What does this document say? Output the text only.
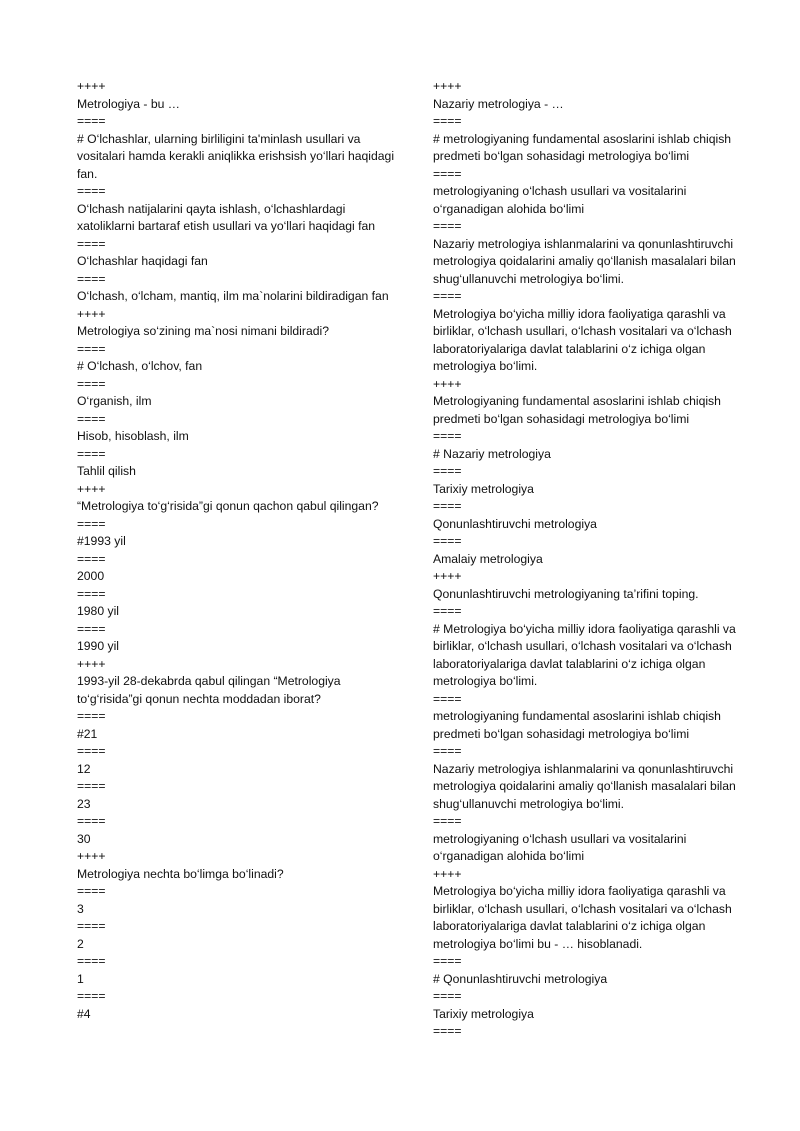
++++

Metrologiya - bu …

====

# O‘lchashlar, ularning birliligini ta'minlash usullari va vositalari hamda kerakli aniqlikka erishsish yo‘llari haqidagi fan.

====

O‘lchash natijalarini qayta ishlash, o‘lchashlardagi xatoliklarni bartaraf etish usullari va yo‘llari haqidagi fan

====

O‘lchashlar haqidagi fan

====

O‘lchash, o‘lcham, mantiq, ilm ma`nolarini bildiradigan fan

++++

Metrologiya so‘zining ma`nosi nimani bildiradi?

====

# O‘lchash, o‘lchov, fan

====

O‘rganish, ilm

====

Hisob, hisoblash, ilm

====

Tahlil qilish

++++

“Metrologiya to‘g‘risida”gi qonun qachon qabul qilingan?

====

#1993 yil

====

2000

====

1980 yil

====

1990 yil

++++

1993-yil 28-dekabrda qabul qilingan “Metrologiya to‘g‘risida”gi qonun nechta moddadan iborat?

====

#21

====

12

====

23

====

30

++++

Metrologiya nechta bo‘limga bo‘linadi?

====

3

====

2

====

1

====

#4

++++

Nazariy metrologiya - …

====

# metrologiyaning fundamental asoslarini ishlab chiqish predmeti bo‘lgan sohasidagi metrologiya bo‘limi

====

metrologiyaning o‘lchash usullari va vositalarini o‘rganadigan alohida bo‘limi

====

Nazariy metrologiya ishlanmalarini va qonunlashtiruvchi metrologiya qoidalarini amaliy qo‘llanish masalalari bilan shug‘ullanuvchi metrologiya bo‘limi.

====

Metrologiya bo‘yicha milliy idora faoliyatiga qarashli va birliklar, o‘lchash usullari, o‘lchash vositalari va o‘lchash laboratoriyalariga davlat talablarini o‘z ichiga olgan metrologiya bo‘limi.

++++

Metrologiyaning fundamental asoslarini ishlab chiqish predmeti bo‘lgan sohasidagi metrologiya bo‘limi

====

# Nazariy metrologiya

====

Tarixiy metrologiya

====

Qonunlashtiruvchi metrologiya

====

Amalaiy metrologiya

++++

Qonunlashtiruvchi metrologiyaning ta’rifini toping.

====

# Metrologiya bo‘yicha milliy idora faoliyatiga qarashli va birliklar, o‘lchash usullari, o‘lchash vositalari va o‘lchash laboratoriyalariga davlat talablarini o‘z ichiga olgan metrologiya bo‘limi.

====

metrologiyaning fundamental asoslarini ishlab chiqish predmeti bo‘lgan sohasidagi metrologiya bo‘limi

====

Nazariy metrologiya ishlanmalarini va qonunlashtiruvchi metrologiya qoidalarini amaliy qo‘llanish masalalari bilan shug‘ullanuvchi metrologiya bo‘limi.

====

metrologiyaning o‘lchash usullari va vositalarini o‘rganadigan alohida bo‘limi

++++

Metrologiya bo‘yicha milliy idora faoliyatiga qarashli va birliklar, o‘lchash usullari, o‘lchash vositalari va o‘lchash laboratoriyalariga davlat talablarini o‘z ichiga olgan metrologiya bo‘limi bu - … hisoblanadi.

====

# Qonunlashtiruvchi metrologiya

====

Tarixiy metrologiya

====
